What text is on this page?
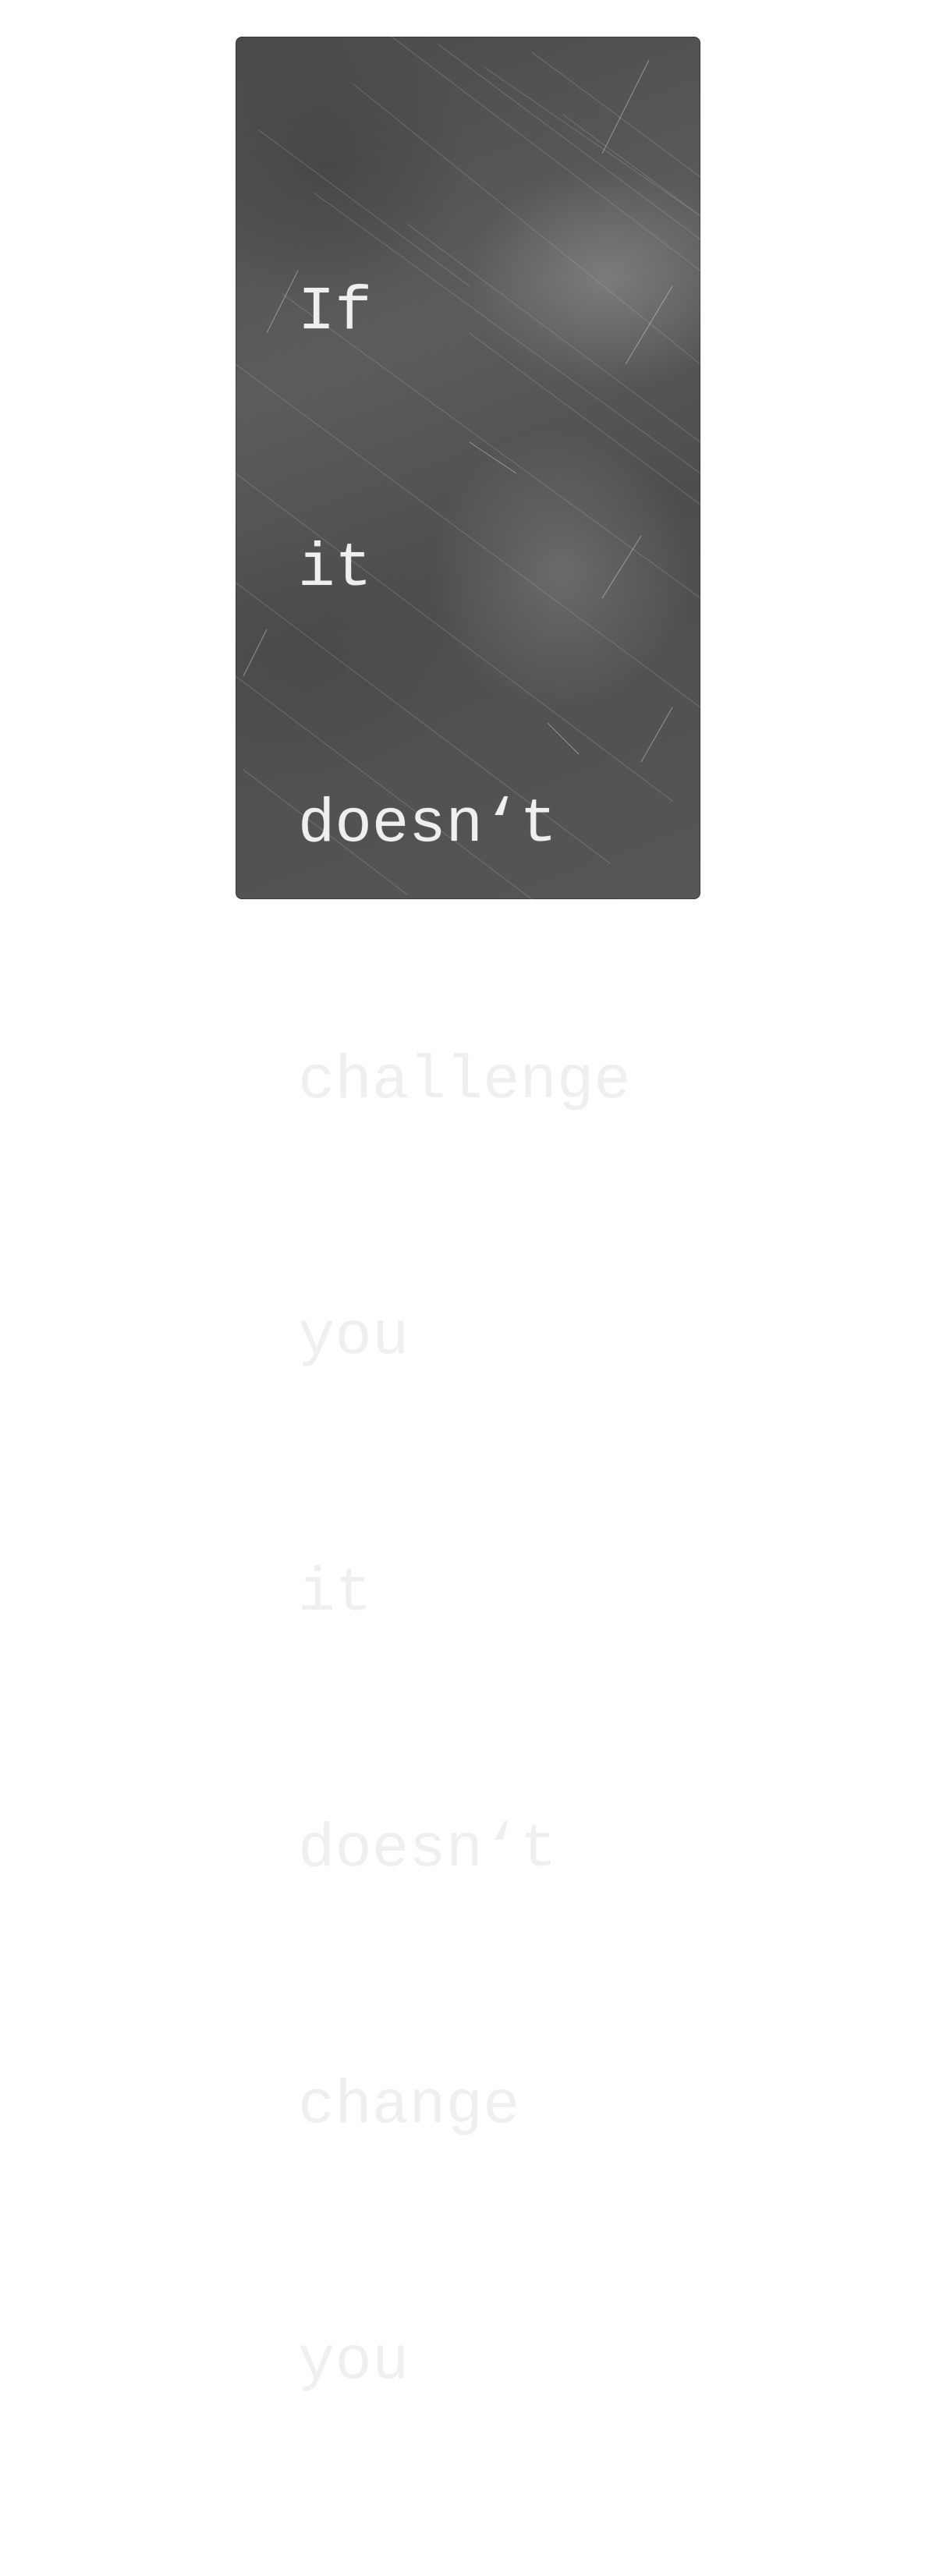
If

it

doesn‘t

challenge

you

it

doesn‘t

change

you
